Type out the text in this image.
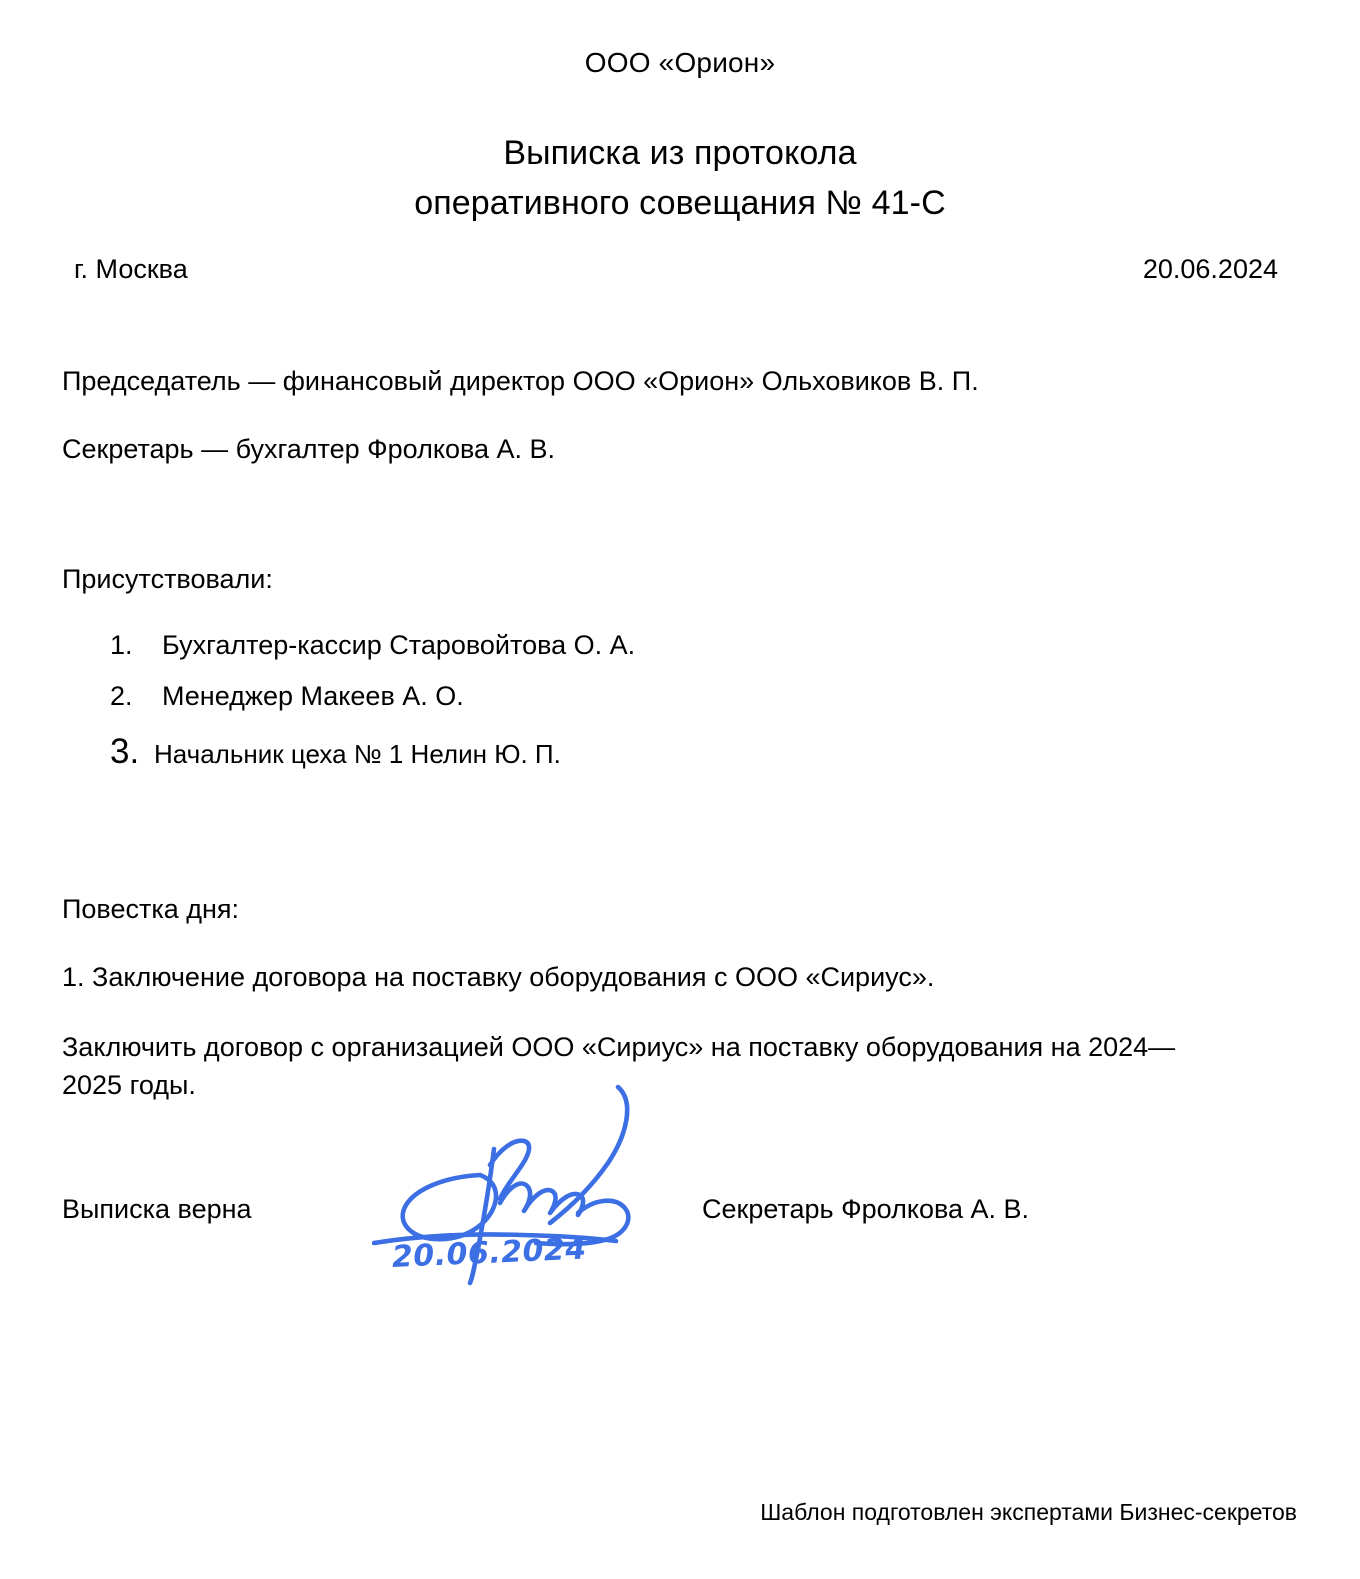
ООО «Орион»
Выписка из протокола
оперативного совещания № 41-С
г. Москва	20.06.2024
Председатель — финансовый директор ООО «Орион» Ольховиков В. П.
Секретарь — бухгалтер Фролкова А. В.
Присутствовали:
1.	Бухгалтер-кассир Старовойтова О. А.
2.	Менеджер Макеев А. О.
3. Начальник цеха № 1 Нелин Ю. П.
Повестка дня:
1. Заключение договора на поставку оборудования с ООО «Сириус».
Заключить договор с организацией ООО «Сириус» на поставку оборудования на 2024—2025 годы.
Выписка верна	Секретарь Фролкова А. В.
20.06.2024
Шаблон подготовлен экспертами Бизнес-секретов
